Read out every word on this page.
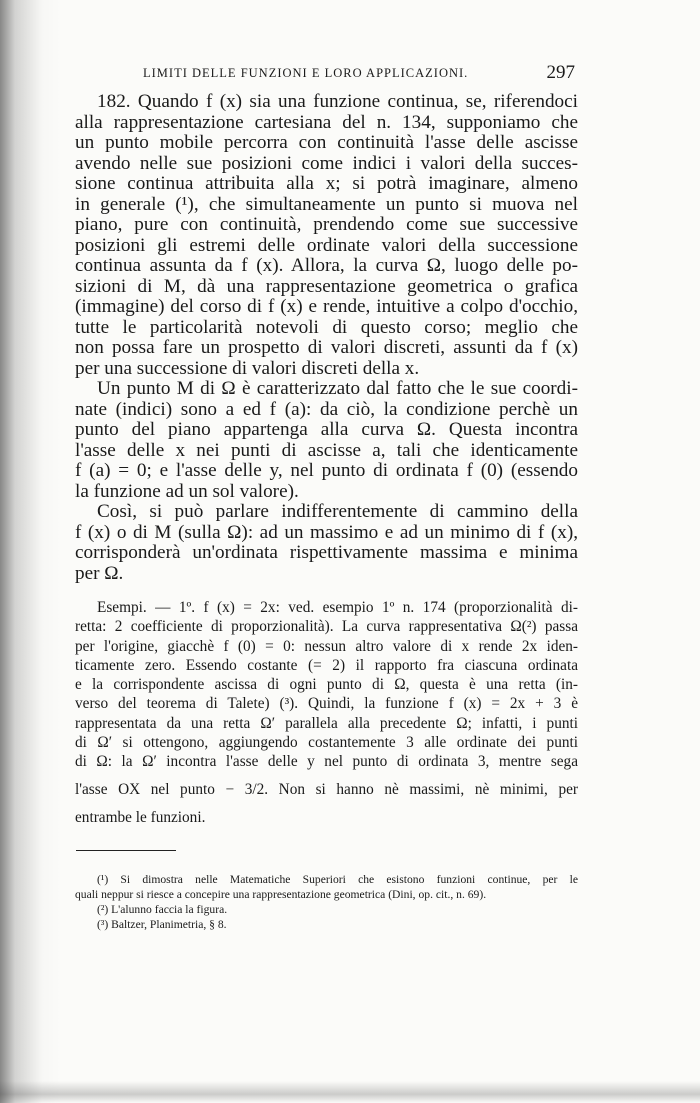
LIMITI DELLE FUNZIONI E LORO APPLICAZIONI.	297
182. Quando f (x) sia una funzione continua, se, riferendoci
alla rappresentazione cartesiana del n. 134, supponiamo che
un punto mobile percorra con continuità l'asse delle ascisse
avendo nelle sue posizioni come indici i valori della succes-
sione continua attribuita alla x; si potrà imaginare, almeno
in generale (¹), che simultaneamente un punto si muova nel
piano, pure con continuità, prendendo come sue successive
posizioni gli estremi delle ordinate valori della successione
continua assunta da f (x). Allora, la curva Ω, luogo delle po-
sizioni di M, dà una rappresentazione geometrica o grafica
(immagine) del corso di f (x) e rende, intuitive a colpo d'occhio,
tutte le particolarità notevoli di questo corso; meglio che
non possa fare un prospetto di valori discreti, assunti da f (x)
per una successione di valori discreti della x.
Un punto M di Ω è caratterizzato dal fatto che le sue coordi-
nate (indici) sono a ed f (a): da ciò, la condizione perchè un
punto del piano appartenga alla curva Ω. Questa incontra
l'asse delle x nei punti di ascisse a, tali che identicamente
f (a) = 0; e l'asse delle y, nel punto di ordinata f (0) (essendo
la funzione ad un sol valore).
Così, si può parlare indifferentemente di cammino della
f (x) o di M (sulla Ω): ad un massimo e ad un minimo di f (x),
corrisponderà un'ordinata rispettivamente massima e minima
per Ω.
Esempi. — 1º. f (x) = 2x: ved. esempio 1º n. 174 (proporzionalità di-
retta: 2 coefficiente di proporzionalità). La curva rappresentativa Ω(²) passa
per l'origine, giacchè f (0) = 0: nessun altro valore di x rende 2x iden-
ticamente zero. Essendo costante (= 2) il rapporto fra ciascuna ordinata
e la corrispondente ascissa di ogni punto di Ω, questa è una retta (in-
verso del teorema di Talete) (³). Quindi, la funzione f (x) = 2x + 3 è
rappresentata da una retta Ω′ parallela alla precedente Ω; infatti, i punti
di Ω′ si ottengono, aggiungendo costantemente 3 alle ordinate dei punti
di Ω: la Ω′ incontra l'asse delle y nel punto di ordinata 3, mentre sega
l'asse OX nel punto − 3/2. Non si hanno nè massimi, nè minimi, per
entrambe le funzioni.
(¹) Si dimostra nelle Matematiche Superiori che esistono funzioni continue, per le
quali neppur si riesce a concepire una rappresentazione geometrica (Dini, op. cit., n. 69).
(²) L'alunno faccia la figura.
(³) Baltzer, Planimetria, § 8.
